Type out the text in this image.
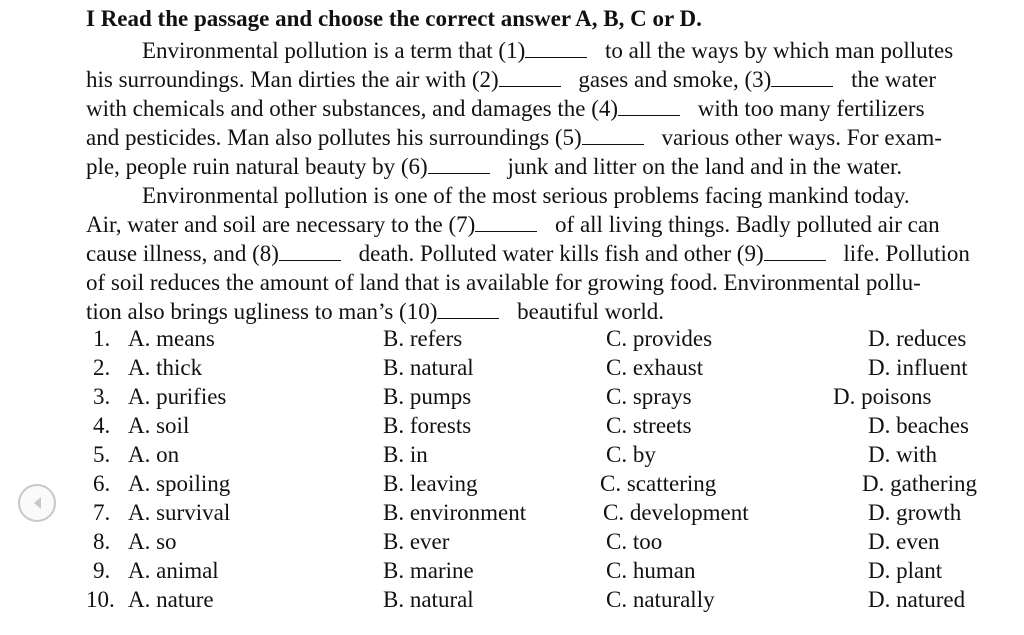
I Read the passage and choose the correct answer A, B, C or D.
Environmental pollution is a term that (1)	to all the ways by which man pollutes
his surroundings. Man dirties the air with (2)	gases and smoke, (3)	the water
with chemicals and other substances, and damages the (4)	with too many fertilizers
and pesticides. Man also pollutes his surroundings (5)	various other ways. For exam-
ple, people ruin natural beauty by (6)	junk and litter on the land and in the water.
Environmental pollution is one of the most serious problems facing mankind today.
Air, water and soil are necessary to the (7)	of all living things. Badly polluted air can
cause illness, and (8)	death. Polluted water kills fish and other (9)	life. Pollution
of soil reduces the amount of land that is available for growing food. Environmental pollu-
tion also brings ugliness to man’s (10)	beautiful world.
1. A. means	B. refers	C. provides	D. reduces
2. A. thick	B. natural	C. exhaust	D. influent
3. A. purifies	B. pumps	C. sprays	D. poisons
4. A. soil	B. forests	C. streets	D. beaches
5. A. on	B. in	C. by	D. with
6. A. spoiling	B. leaving	C. scattering	D. gathering
7. A. survival	B. environment	C. development	D. growth
8. A. so	B. ever	C. too	D. even
9. A. animal	B. marine	C. human	D. plant
10. A. nature	B. natural	C. naturally	D. natured
